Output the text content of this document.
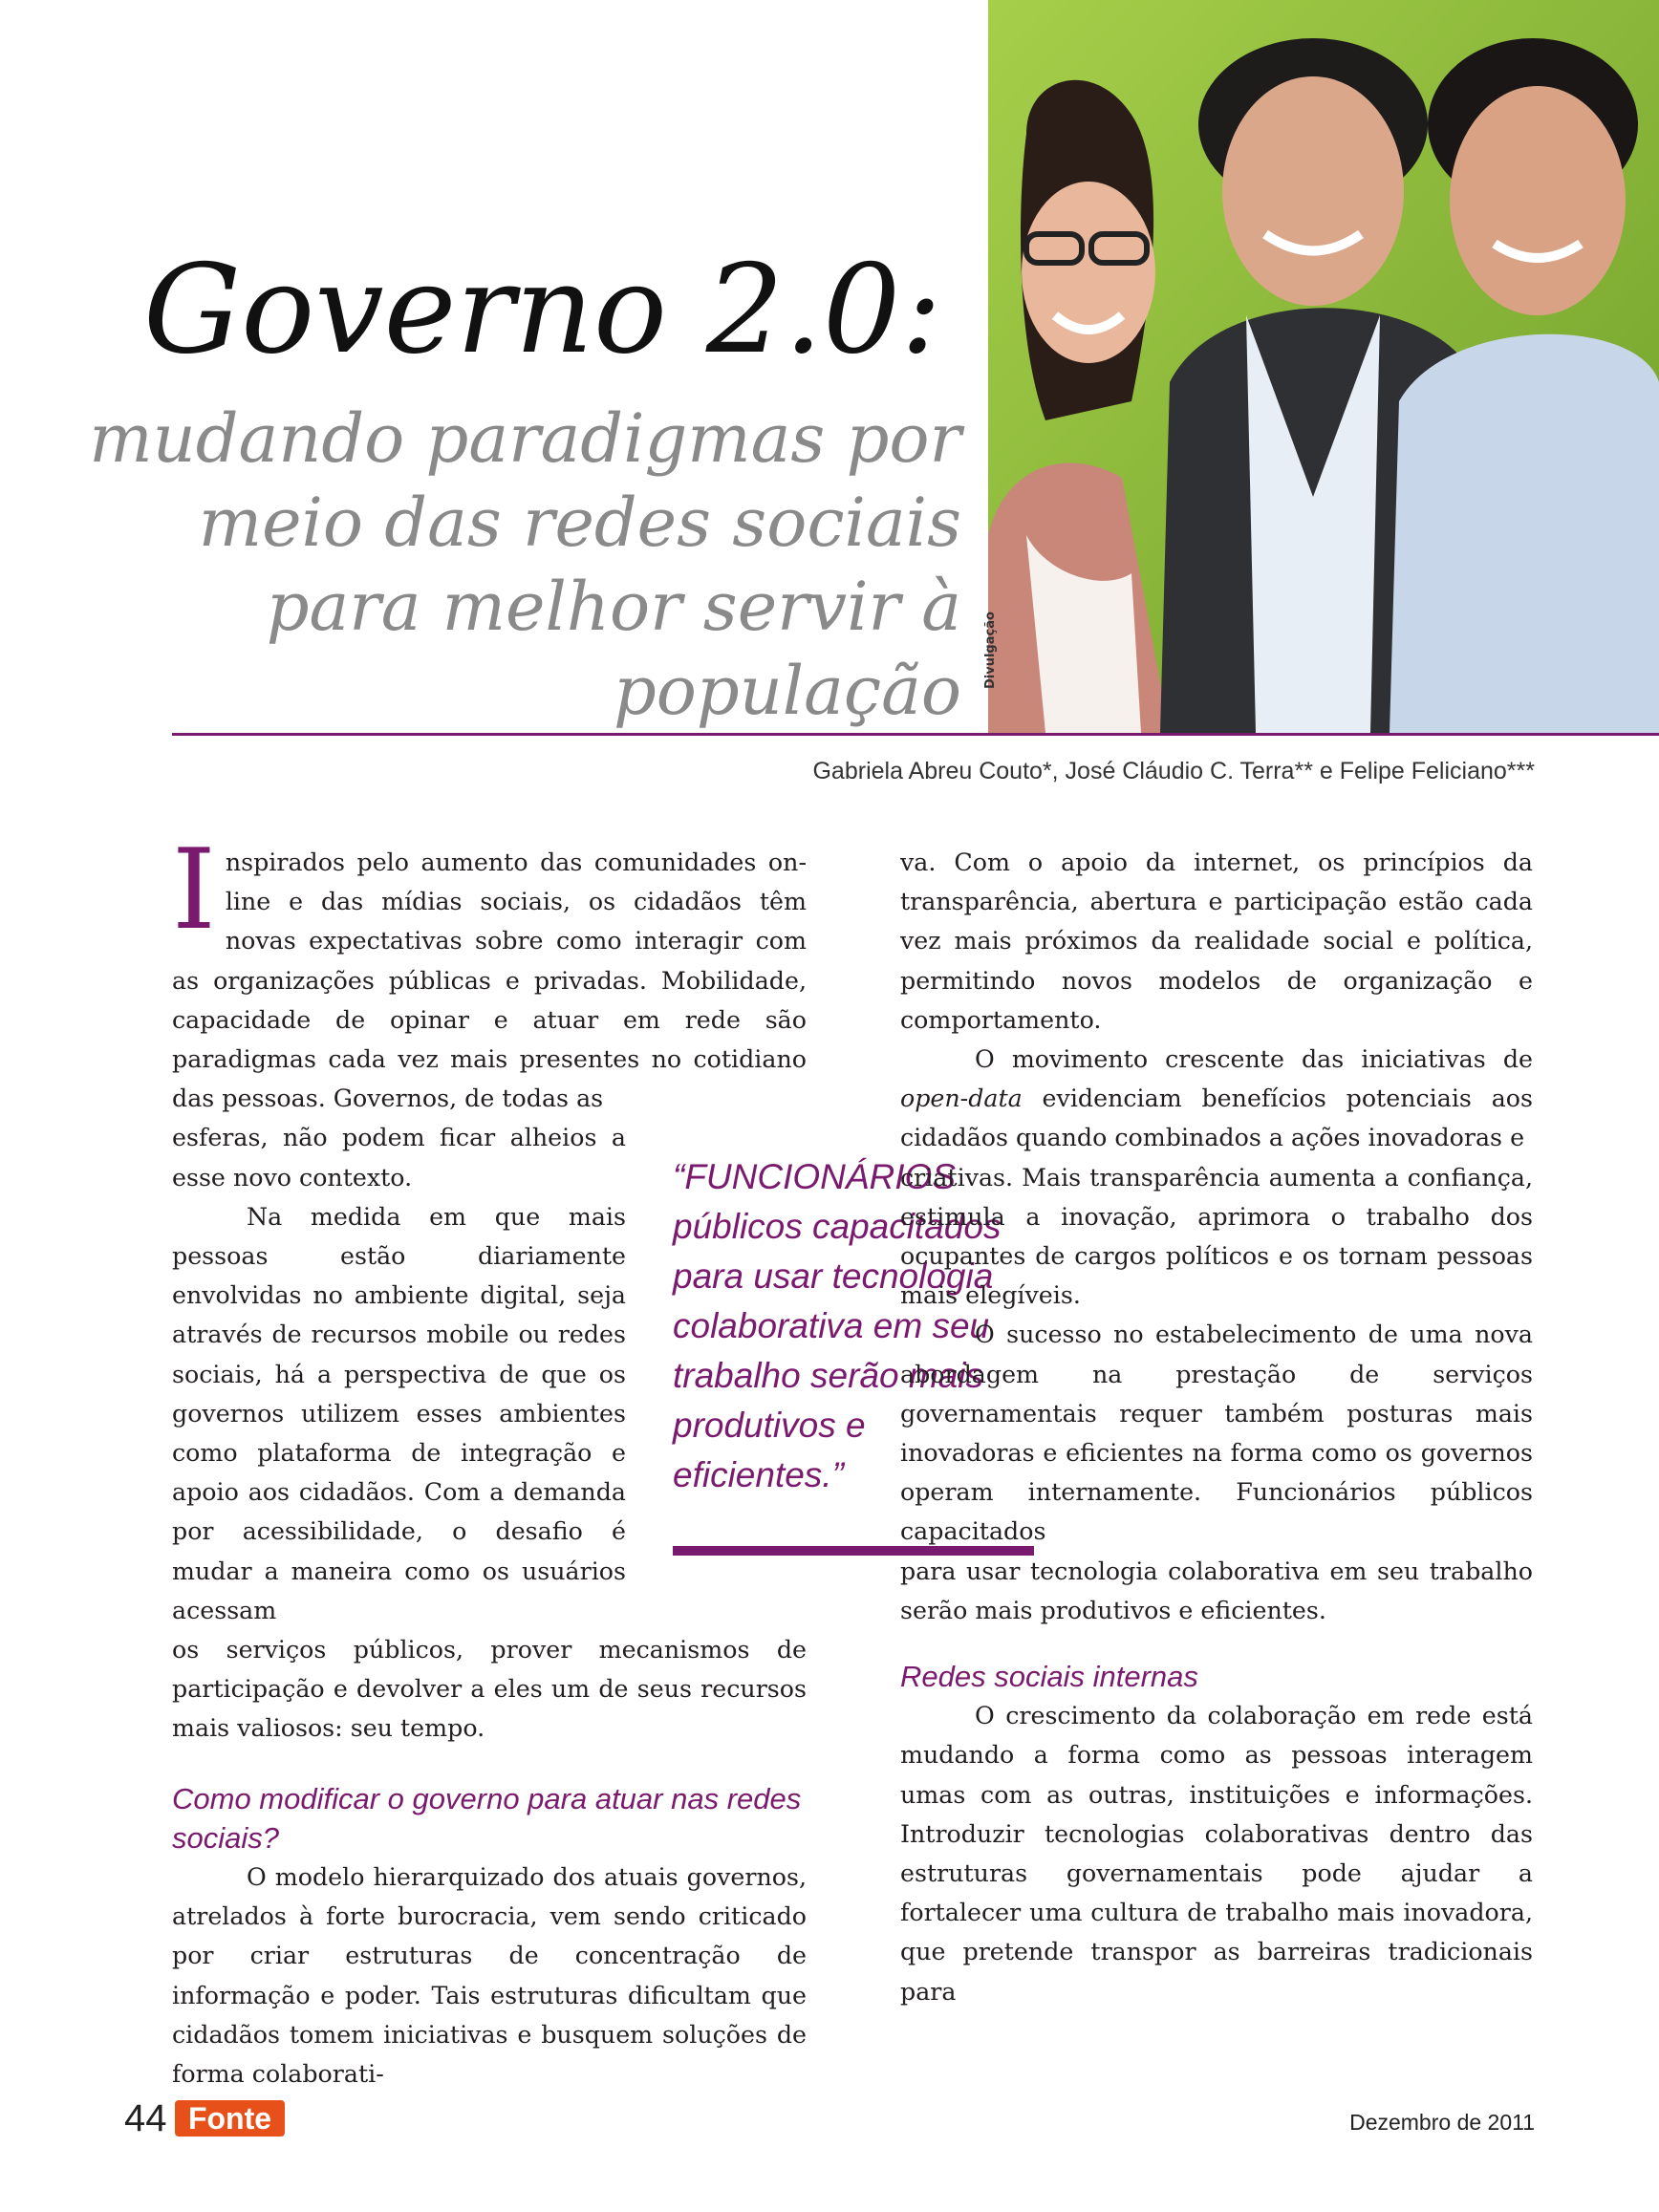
Divulgação
Governo 2.0:
mudando paradigmas por meio das redes sociais para melhor servir à população
Gabriela Abreu Couto*, José Cláudio C. Terra** e Felipe Feliciano***

Inspirados pelo aumento das comunidades on-line e das mídias sociais, os cidadãos têm novas expectativas sobre como interagir com as organizações públicas e privadas. Mobilidade, capacidade de opinar e atuar em rede são paradigmas cada vez mais presentes no cotidiano das pessoas. Governos, de todas as

esferas, não podem ficar alheios a esse novo contexto.

Na medida em que mais pessoas estão diariamente envolvidas no ambiente digital, seja através de recursos mobile ou redes sociais, há a perspectiva de que os governos utilizem esses ambientes como plataforma de integração e apoio aos cidadãos. Com a demanda por acessibilidade, o desafio é mudar a maneira como os usuários acessam

os serviços públicos, prover mecanismos de participação e devolver a eles um de seus recursos mais valiosos: seu tempo.

Como modificar o governo para atuar nas redes sociais?

O modelo hierarquizado dos atuais governos, atrelados à forte burocracia, vem sendo criticado por criar estruturas de concentração de informação e poder. Tais estruturas dificultam que cidadãos tomem iniciativas e busquem soluções de forma colaborati-

“FUNCIONÁRIOS públicos capacitados para usar tecnologia colaborativa em seu trabalho serão mais produtivos e eficientes.”

va. Com o apoio da internet, os princípios da transparência, abertura e participação estão cada vez mais próximos da realidade social e política, permitindo novos modelos de organização e comportamento.

O movimento crescente das iniciativas de open-data evidenciam benefícios potenciais aos cidadãos quando combinados a ações inovadoras e

criativas. Mais transparência aumenta a confiança, estimula a inovação, aprimora o trabalho dos ocupantes de cargos políticos e os tornam pessoas mais elegíveis.

O sucesso no estabelecimento de uma nova abordagem na prestação de serviços governamentais requer também posturas mais inovadoras e eficientes na forma como os governos operam internamente. Funcionários públicos capacitados

para usar tecnologia colaborativa em seu trabalho serão mais produtivos e eficientes.

Redes sociais internas

O crescimento da colaboração em rede está mudando a forma como as pessoas interagem umas com as outras, instituições e informações. Introduzir tecnologias colaborativas dentro das estruturas governamentais pode ajudar a fortalecer uma cultura de trabalho mais inovadora, que pretende transpor as barreiras tradicionais para

44 Fonte	Dezembro de 2011
